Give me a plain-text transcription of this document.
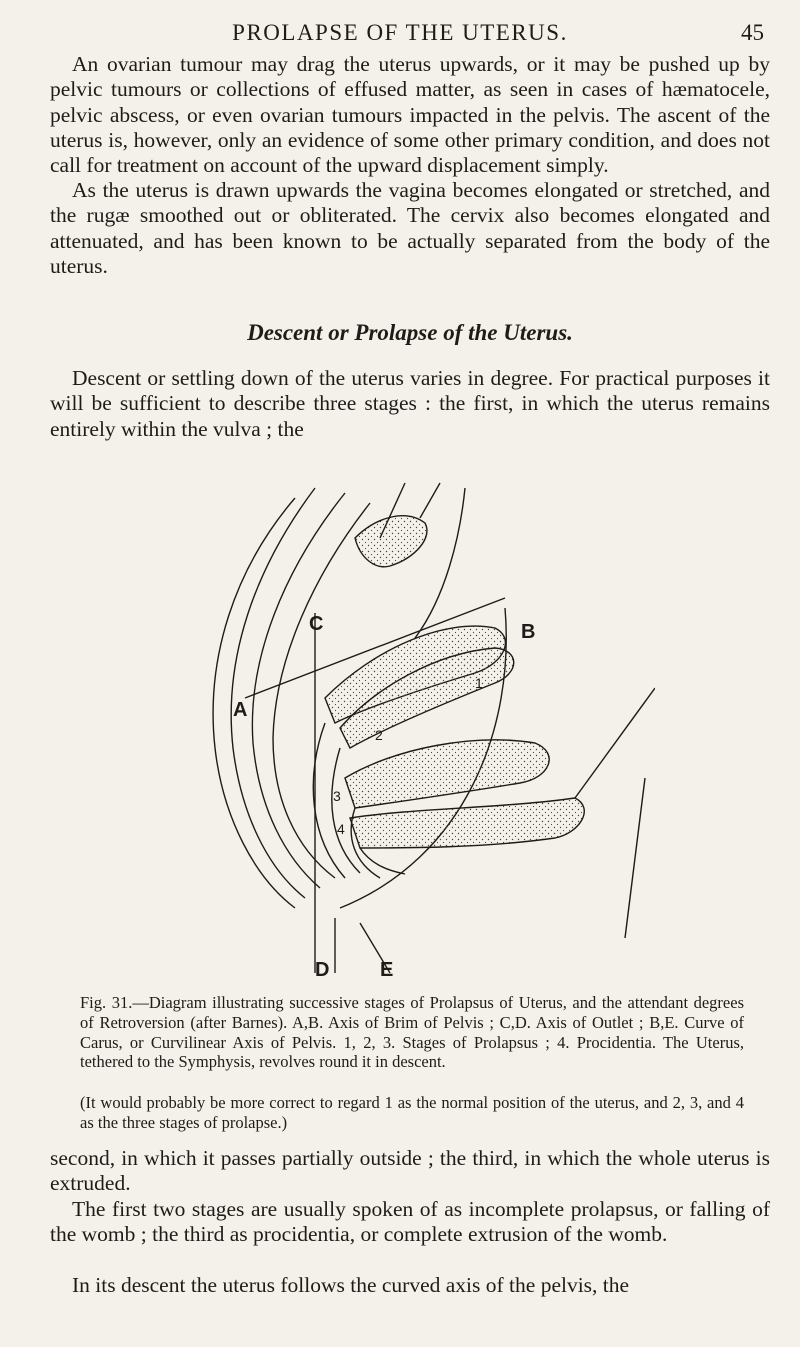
PROLAPSE OF THE UTERUS.	45

An ovarian tumour may drag the uterus upwards, or it may be pushed up by pelvic tumours or collections of effused matter, as seen in cases of hæmatocele, pelvic abscess, or even ovarian tumours impacted in the pelvis. The ascent of the uterus is, however, only an evidence of some other primary condition, and does not call for treatment on account of the upward displacement simply.

As the uterus is drawn upwards the vagina becomes elongated or stretched, and the rugæ smoothed out or obliterated. The cervix also becomes elongated and attenuated, and has been known to be actually separated from the body of the uterus.

Descent or Prolapse of the Uterus.

Descent or settling down of the uterus varies in degree. For practical purposes it will be sufficient to describe three stages : the first, in which the uterus remains entirely within the vulva ; the

C	B
A
D	E
1
2
3
4

Fig. 31.—Diagram illustrating successive stages of Prolapsus of Uterus, and the attendant degrees of Retroversion (after Barnes). A,B. Axis of Brim of Pelvis ; C,D. Axis of Outlet ; B,E. Curve of Carus, or Curvilinear Axis of Pelvis. 1, 2, 3. Stages of Prolapsus ; 4. Procidentia. The Uterus, tethered to the Symphysis, revolves round it in descent.

(It would probably be more correct to regard 1 as the normal position of the uterus, and 2, 3, and 4 as the three stages of prolapse.)

second, in which it passes partially outside ; the third, in which the whole uterus is extruded.

The first two stages are usually spoken of as incomplete prolapsus, or falling of the womb ; the third as procidentia, or complete extrusion of the womb.

In its descent the uterus follows the curved axis of the pelvis, the
